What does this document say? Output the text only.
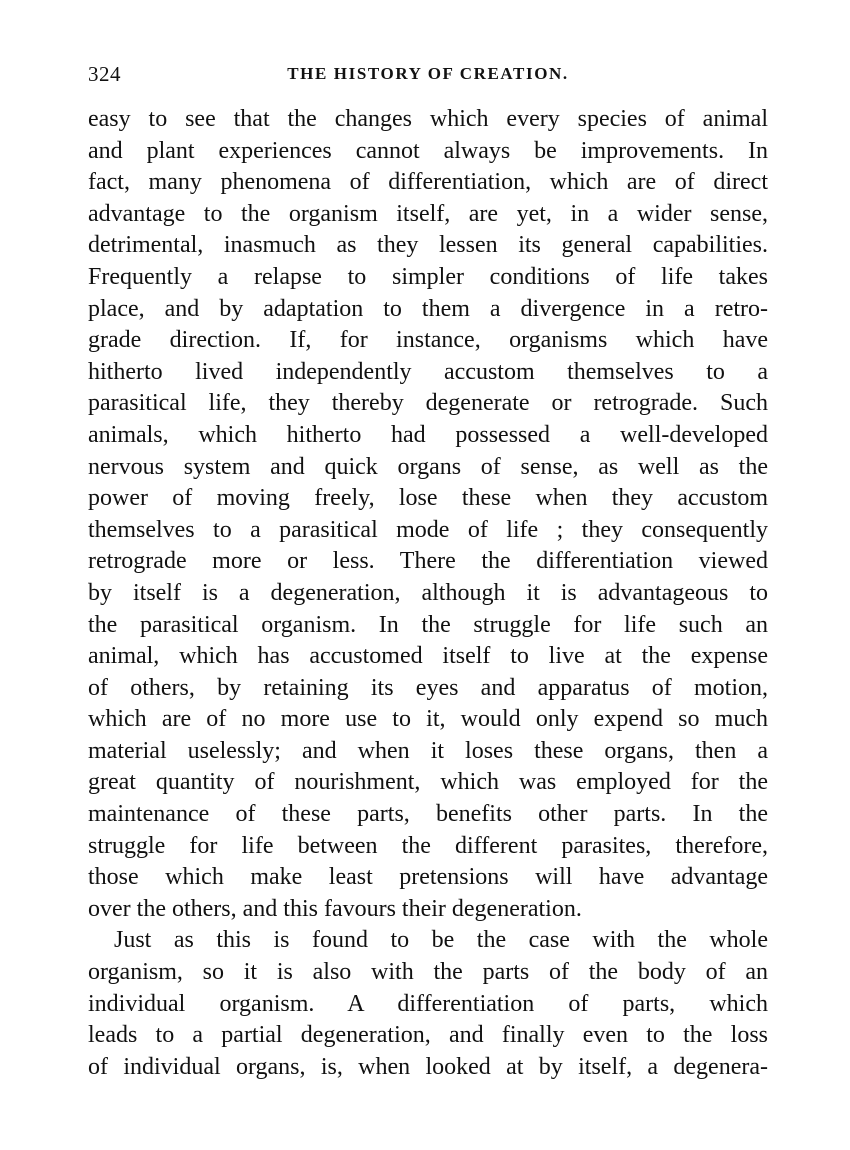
324	THE HISTORY OF CREATION.
easy to see that the changes which every species of animal
and plant experiences cannot always be improvements. In
fact, many phenomena of differentiation, which are of direct
advantage to the organism itself, are yet, in a wider sense,
detrimental, inasmuch as they lessen its general capabilities.
Frequently a relapse to simpler conditions of life takes
place, and by adaptation to them a divergence in a retro-
grade direction. If, for instance, organisms which have
hitherto lived independently accustom themselves to a
parasitical life, they thereby degenerate or retrograde. Such
animals, which hitherto had possessed a well-developed
nervous system and quick organs of sense, as well as the
power of moving freely, lose these when they accustom
themselves to a parasitical mode of life ; they consequently
retrograde more or less. There the differentiation viewed
by itself is a degeneration, although it is advantageous to
the parasitical organism. In the struggle for life such an
animal, which has accustomed itself to live at the expense
of others, by retaining its eyes and apparatus of motion,
which are of no more use to it, would only expend so much
material uselessly; and when it loses these organs, then a
great quantity of nourishment, which was employed for the
maintenance of these parts, benefits other parts. In the
struggle for life between the different parasites, therefore,
those which make least pretensions will have advantage
over the others, and this favours their degeneration.
Just as this is found to be the case with the whole
organism, so it is also with the parts of the body of an
individual organism. A differentiation of parts, which
leads to a partial degeneration, and finally even to the loss
of individual organs, is, when looked at by itself, a degenera-
